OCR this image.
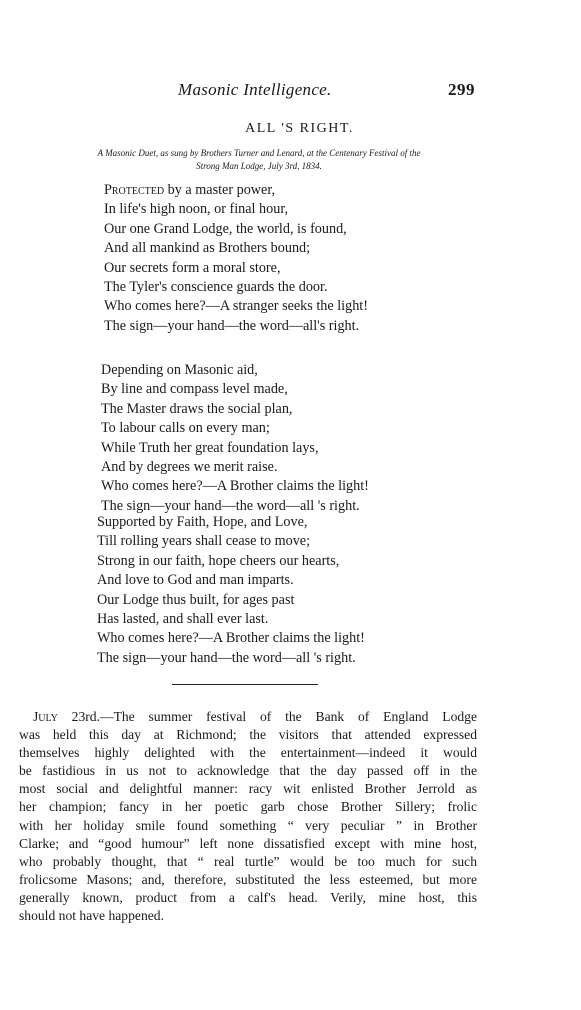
Masonic Intelligence.	299
ALL 'S RIGHT.
A Masonic Duet, as sung by Brothers Turner and Lenard, at the Centenary Festival of the
Strong Man Lodge, July 3rd, 1834.
Protected by a master power,
In life's high noon, or final hour,
Our one Grand Lodge, the world, is found,
And all mankind as Brothers bound;
Our secrets form a moral store,
The Tyler's conscience guards the door.
Who comes here?—A stranger seeks the light!
The sign—your hand—the word—all's right.
Depending on Masonic aid,
By line and compass level made,
The Master draws the social plan,
To labour calls on every man;
While Truth her great foundation lays,
And by degrees we merit raise.
Who comes here?—A Brother claims the light!
The sign—your hand—the word—all 's right.
Supported by Faith, Hope, and Love,
Till rolling years shall cease to move;
Strong in our faith, hope cheers our hearts,
And love to God and man imparts.
Our Lodge thus built, for ages past
Has lasted, and shall ever last.
Who comes here?—A Brother claims the light!
The sign—your hand—the word—all 's right.
July 23rd.—The summer festival of the Bank of England Lodge
was held this day at Richmond; the visitors that attended expressed
themselves highly delighted with the entertainment—indeed it would
be fastidious in us not to acknowledge that the day passed off in the
most social and delightful manner: racy wit enlisted Brother Jerrold as
her champion; fancy in her poetic garb chose Brother Sillery; frolic
with her holiday smile found something “ very peculiar ” in Brother
Clarke; and “good humour” left none dissatisfied except with mine host,
who probably thought, that “ real turtle” would be too much for such
frolicsome Masons; and, therefore, substituted the less esteemed, but more
generally known, product from a calf's head. Verily, mine host, this
should not have happened.
